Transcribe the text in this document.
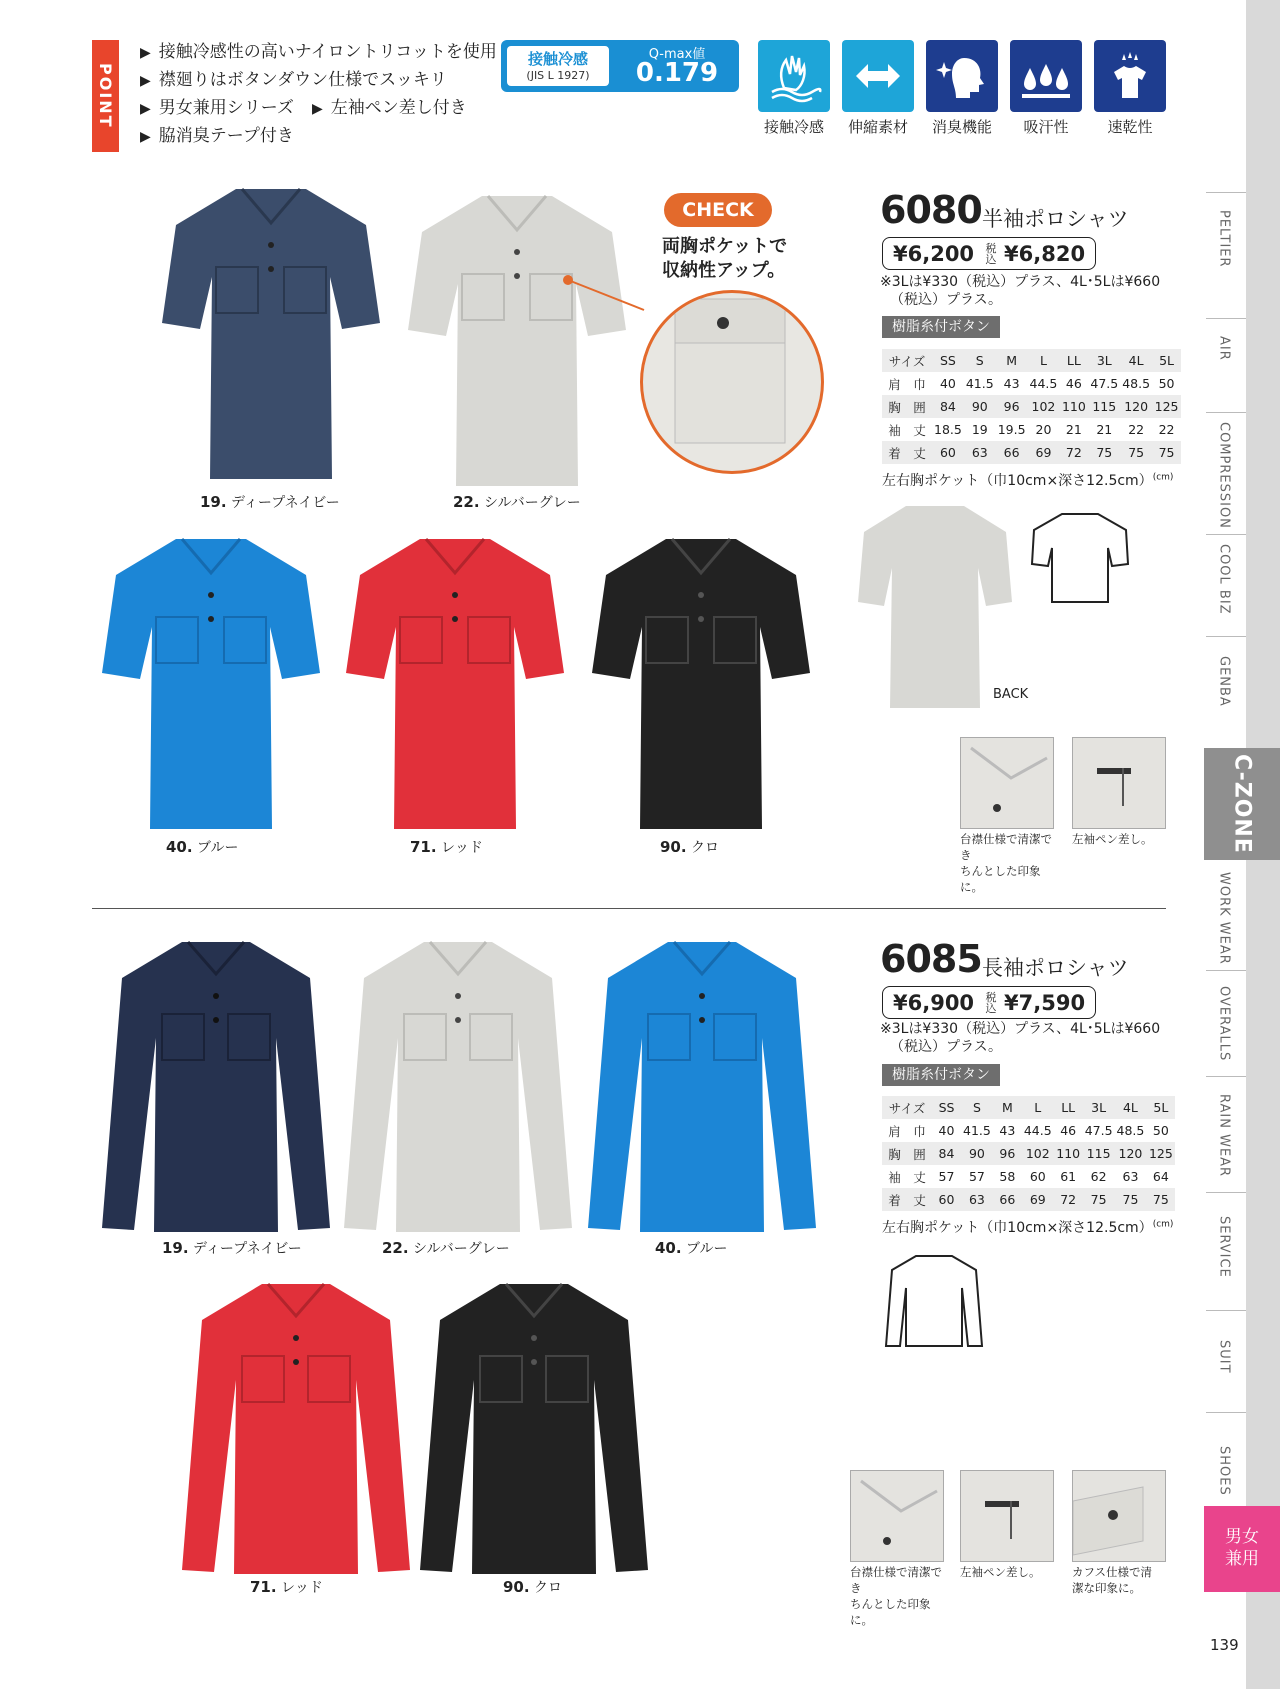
POINT
▶ 接触冷感性の高いナイロントリコットを使用
▶ 襟廻りはボタンダウン仕様でスッキリ
▶ 男女兼用シリーズ	▶ 左袖ペン差し付き
▶ 脇消臭テープ付き
接触冷感
(JIS L 1927)
Q-max値
0.179
接触冷感	伸縮素材	消臭機能	吸汗性	速乾性
PELTIER
AIR
COMPRESSION
COOL BIZ
GENBA
C-ZONE
WORK WEAR
OVERALLS
RAIN WEAR
SERVICE
SUIT
SHOES
男女
兼用
139
CHECK
両胸ポケットで
収納性アップ。
19. ディープネイビー	22. シルバーグレー
40. ブルー	71. レッド	90. クロ
6080 半袖ポロシャツ
¥6,200	税
込 ¥6,820
※3Lは¥330（税込）プラス、4L･5Lは¥660
（税込）プラス。
樹脂糸付ボタン
サイズ	SS	S	M	L	LL	3L	4L	5L
肩　巾	40	41.5	43	44.5	46	47.5	48.5	50
胸　囲	84	90	96	102	110	115	120	125
袖　丈	18.5	19	19.5	20	21	21	22	22
着　丈	60	63	66	69	72	75	75	75
左右胸ポケット（巾10cm×深さ12.5cm）$^{(cm)}$
BACK
台襟仕様で清潔でき
ちんとした印象に。
左袖ペン差し。
19. ディープネイビー	22. シルバーグレー	40. ブルー
71. レッド	90. クロ
6085 長袖ポロシャツ
¥6,900	税
込 ¥7,590
※3Lは¥330（税込）プラス、4L･5Lは¥660
（税込）プラス。
樹脂糸付ボタン
サイズ	SS	S	M	L	LL	3L	4L	5L
肩　巾	40	41.5	43	44.5	46	47.5	48.5	50
胸　囲	84	90	96	102	110	115	120	125
袖　丈	57	57	58	60	61	62	63	64
着　丈	60	63	66	69	72	75	75	75
左右胸ポケット（巾10cm×深さ12.5cm）$^{(cm)}$
台襟仕様で清潔でき
ちんとした印象に。
左袖ペン差し。	カフス仕様で清
潔な印象に。
